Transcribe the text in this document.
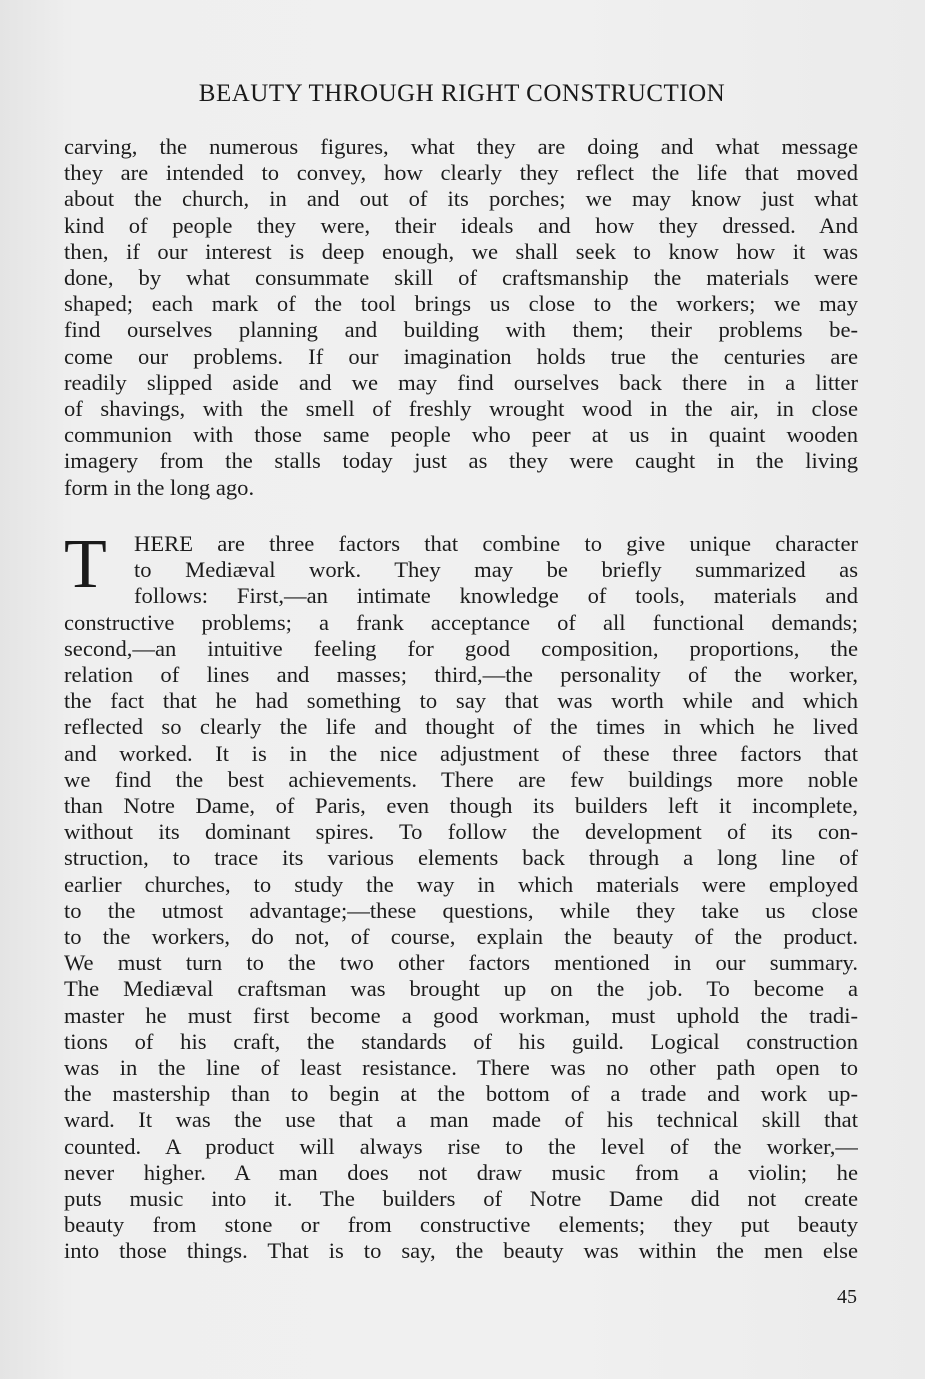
BEAUTY THROUGH RIGHT CONSTRUCTION
carving, the numerous figures, what they are doing and what message
they are intended to convey, how clearly they reflect the life that moved
about the church, in and out of its porches; we may know just what
kind of people they were, their ideals and how they dressed. And
then, if our interest is deep enough, we shall seek to know how it was
done, by what consummate skill of craftsmanship the materials were
shaped; each mark of the tool brings us close to the workers; we may
find ourselves planning and building with them; their problems be-
come our problems. If our imagination holds true the centuries are
readily slipped aside and we may find ourselves back there in a litter
of shavings, with the smell of freshly wrought wood in the air, in close
communion with those same people who peer at us in quaint wooden
imagery from the stalls today just as they were caught in the living
form in the long ago.
T HERE are three factors that combine to give unique character
to Mediæval work. They may be briefly summarized as
follows: First,—an intimate knowledge of tools, materials and
constructive problems; a frank acceptance of all functional demands;
second,—an intuitive feeling for good composition, proportions, the
relation of lines and masses; third,—the personality of the worker,
the fact that he had something to say that was worth while and which
reflected so clearly the life and thought of the times in which he lived
and worked. It is in the nice adjustment of these three factors that
we find the best achievements. There are few buildings more noble
than Notre Dame, of Paris, even though its builders left it incomplete,
without its dominant spires. To follow the development of its con-
struction, to trace its various elements back through a long line of
earlier churches, to study the way in which materials were employed
to the utmost advantage;—these questions, while they take us close
to the workers, do not, of course, explain the beauty of the product.
We must turn to the two other factors mentioned in our summary.
The Mediæval craftsman was brought up on the job. To become a
master he must first become a good workman, must uphold the tradi-
tions of his craft, the standards of his guild. Logical construction
was in the line of least resistance. There was no other path open to
the mastership than to begin at the bottom of a trade and work up-
ward. It was the use that a man made of his technical skill that
counted. A product will always rise to the level of the worker,—
never higher. A man does not draw music from a violin; he
puts music into it. The builders of Notre Dame did not create
beauty from stone or from constructive elements; they put beauty
into those things. That is to say, the beauty was within the men else
45
